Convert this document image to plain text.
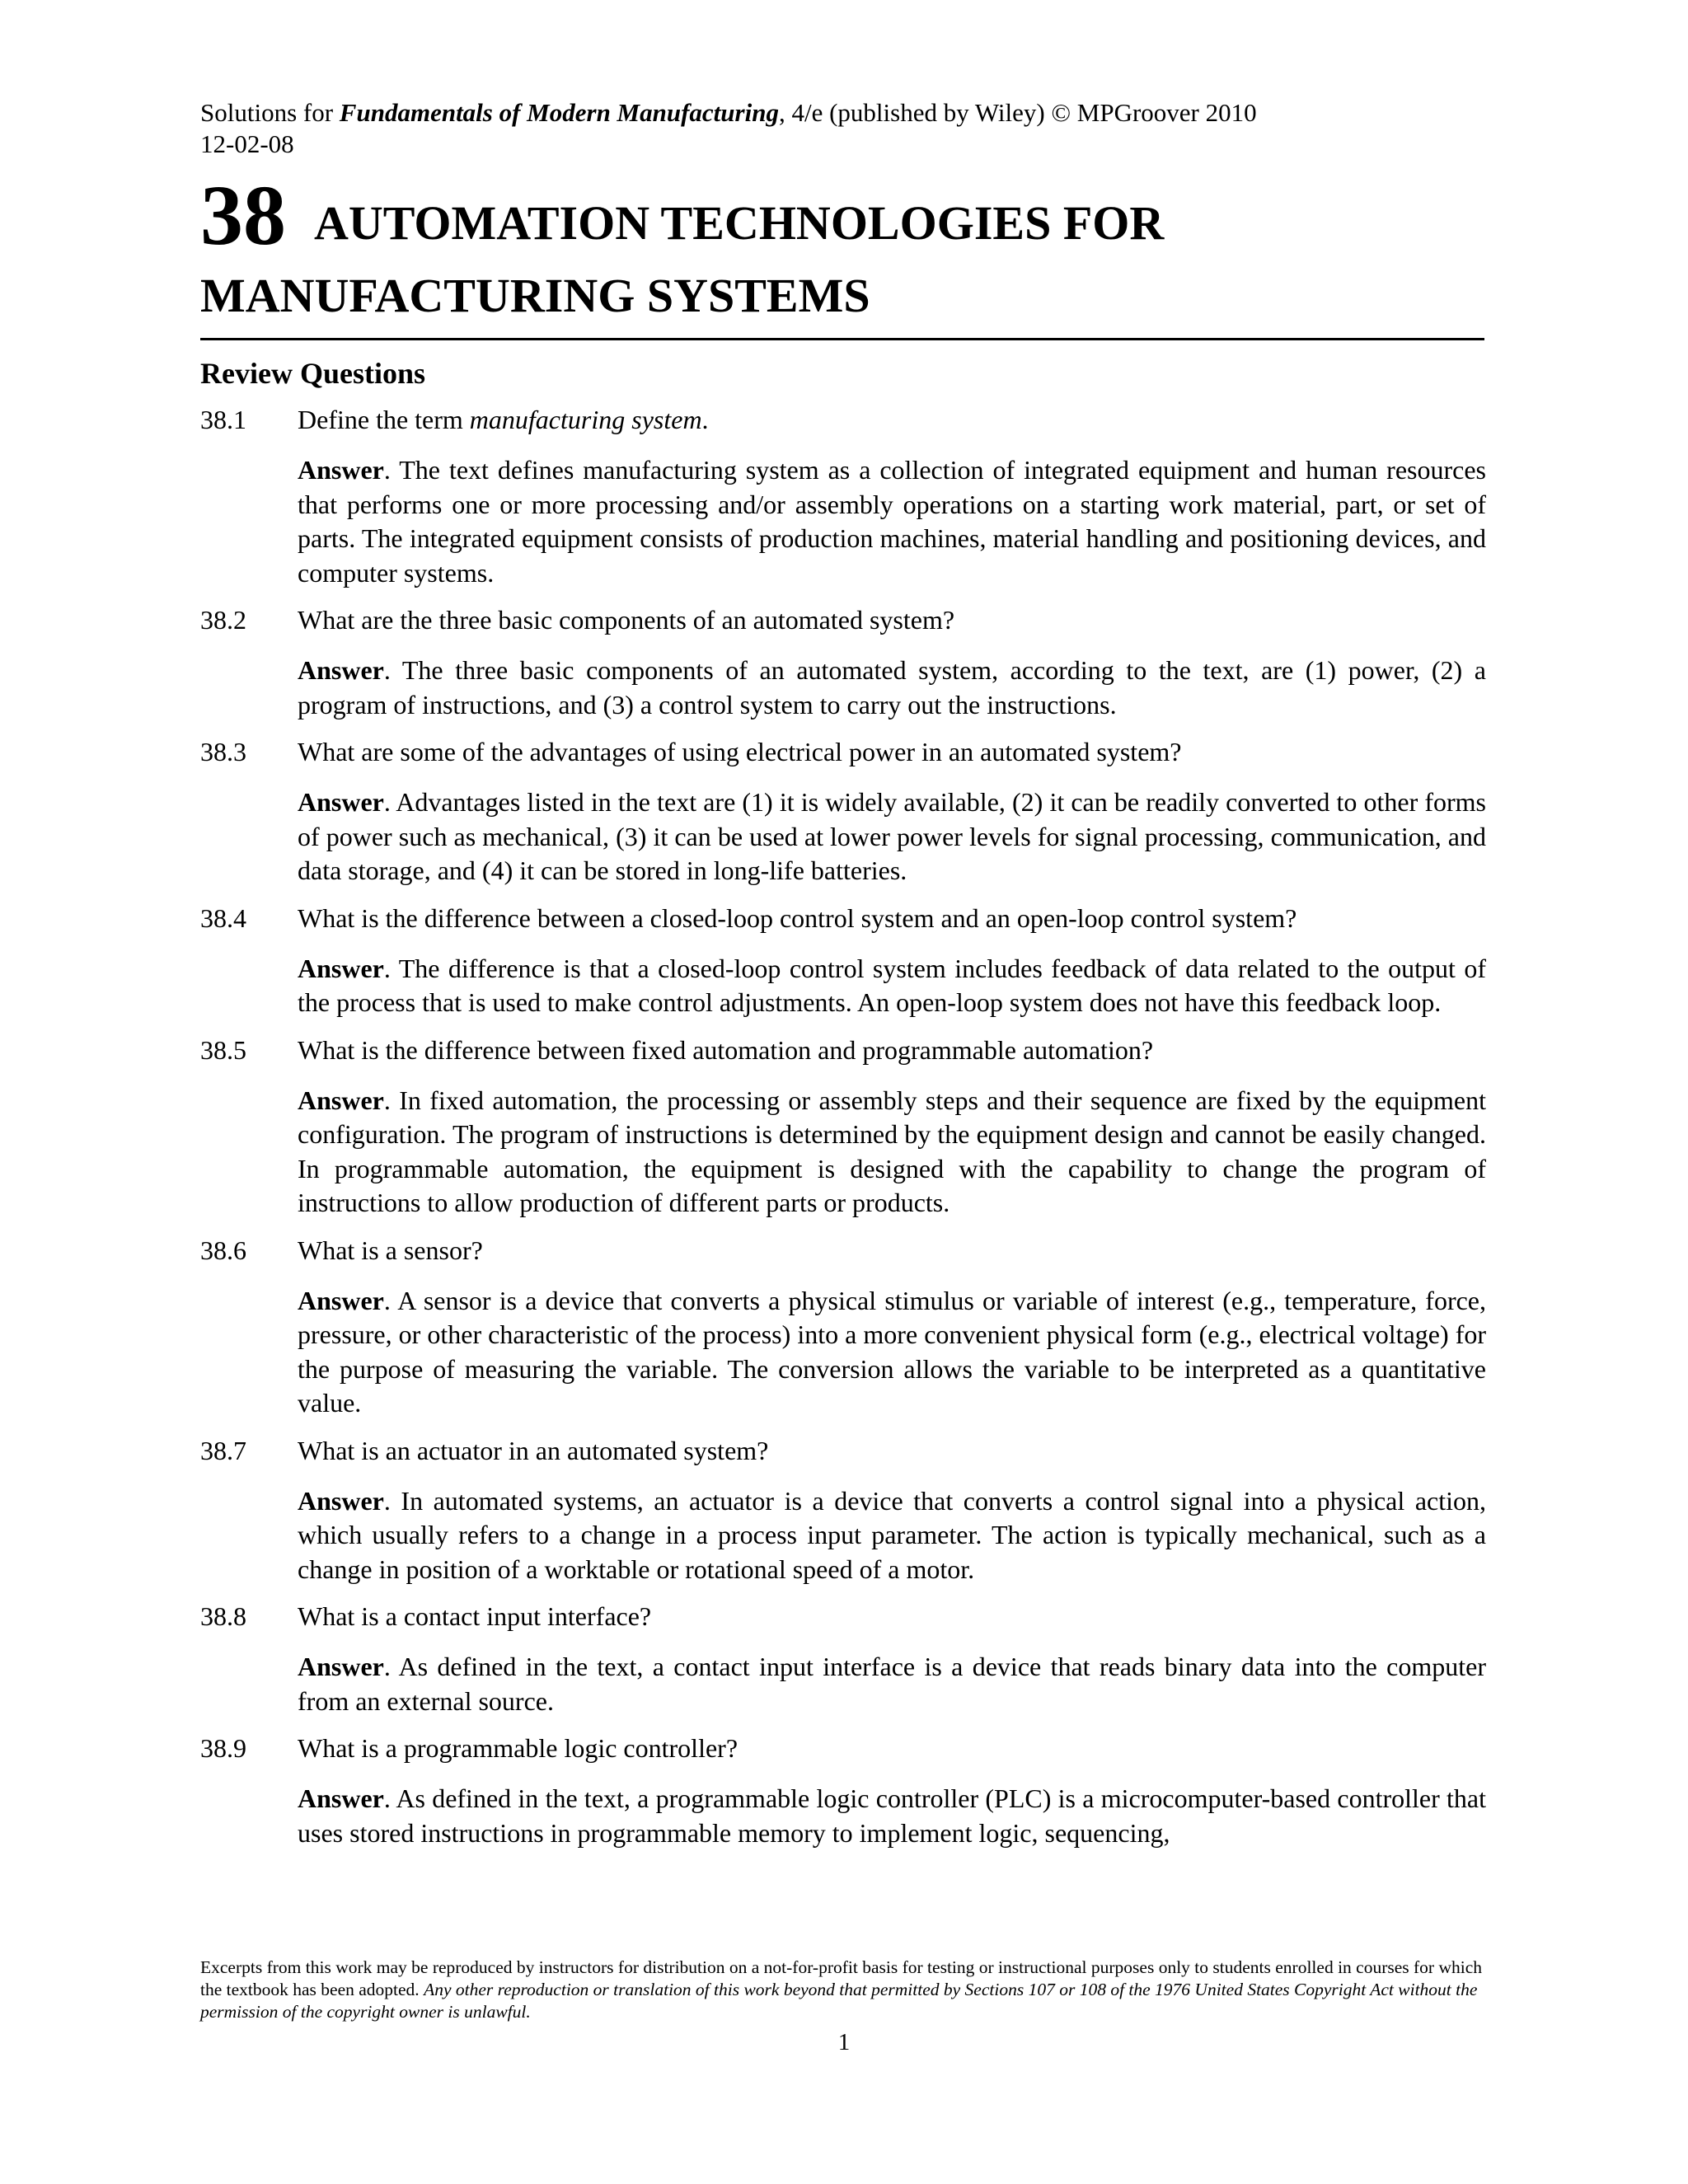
Solutions for Fundamentals of Modern Manufacturing, 4/e (published by Wiley) © MPGroover 2010
12-02-08
38 AUTOMATION TECHNOLOGIES FOR
MANUFACTURING SYSTEMS
Review Questions
38.1	Define the term manufacturing system.
Answer. The text defines manufacturing system as a collection of integrated equipment and human resources that performs one or more processing and/or assembly operations on a starting work material, part, or set of parts. The integrated equipment consists of production machines, material handling and positioning devices, and computer systems.
38.2	What are the three basic components of an automated system?
Answer. The three basic components of an automated system, according to the text, are (1) power, (2) a program of instructions, and (3) a control system to carry out the instructions.
38.3	What are some of the advantages of using electrical power in an automated system?
Answer. Advantages listed in the text are (1) it is widely available, (2) it can be readily converted to other forms of power such as mechanical, (3) it can be used at lower power levels for signal processing, communication, and data storage, and (4) it can be stored in long-life batteries.
38.4	What is the difference between a closed-loop control system and an open-loop control system?
Answer. The difference is that a closed-loop control system includes feedback of data related to the output of the process that is used to make control adjustments. An open-loop system does not have this feedback loop.
38.5	What is the difference between fixed automation and programmable automation?
Answer. In fixed automation, the processing or assembly steps and their sequence are fixed by the equipment configuration. The program of instructions is determined by the equipment design and cannot be easily changed. In programmable automation, the equipment is designed with the capability to change the program of instructions to allow production of different parts or products.
38.6	What is a sensor?
Answer. A sensor is a device that converts a physical stimulus or variable of interest (e.g., temperature, force, pressure, or other characteristic of the process) into a more convenient physical form (e.g., electrical voltage) for the purpose of measuring the variable. The conversion allows the variable to be interpreted as a quantitative value.
38.7	What is an actuator in an automated system?
Answer. In automated systems, an actuator is a device that converts a control signal into a physical action, which usually refers to a change in a process input parameter. The action is typically mechanical, such as a change in position of a worktable or rotational speed of a motor.
38.8	What is a contact input interface?
Answer. As defined in the text, a contact input interface is a device that reads binary data into the computer from an external source.
38.9	What is a programmable logic controller?
Answer. As defined in the text, a programmable logic controller (PLC) is a microcomputer-based controller that uses stored instructions in programmable memory to implement logic, sequencing,
Excerpts from this work may be reproduced by instructors for distribution on a not-for-profit basis for testing or instructional purposes only to students enrolled in courses for which the textbook has been adopted. Any other reproduction or translation of this work beyond that permitted by Sections 107 or 108 of the 1976 United States Copyright Act without the permission of the copyright owner is unlawful.
1
